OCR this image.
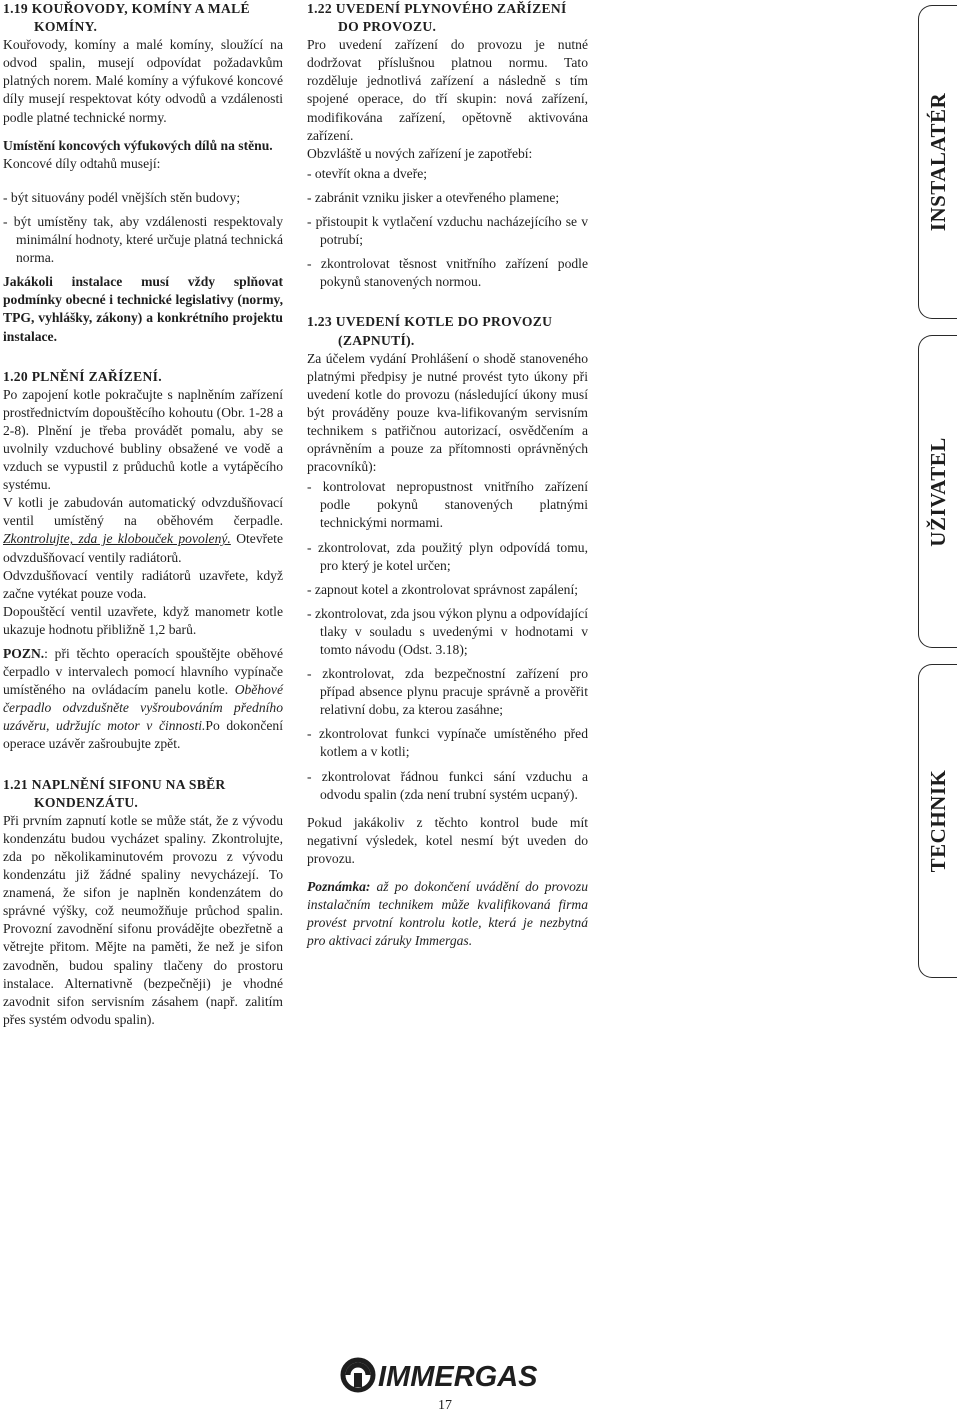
1.19 KOUŘOVODY, KOMÍNY A MALÉ
KOMÍNY.

Kouřovody, komíny a malé komíny, sloužící na odvod spalin, musejí odpovídat požadavkům platných norem. Malé komíny a výfukové koncové díly musejí respektovat kóty odvodů a vzdálenosti podle platné technické normy.

Umístění koncových výfukových dílů na stěnu.

Koncové díly odtahů musejí:

- být situovány podél vnějších stěn budovy;
- být umístěny tak, aby vzdálenosti respektovaly minimální hodnoty, které určuje platná technická norma.

Jakákoli instalace musí vždy splňovat podmínky obecné i technické legislativy (normy, TPG, vyhlášky, zákony) a konkrétního projektu instalace.

1.20 PLNĚNÍ ZAŘÍZENÍ.

Po zapojení kotle pokračujte s naplněním zařízení prostřednictvím dopouštěcího kohoutu (Obr. 1-28 a 2-8). Plnění je třeba provádět pomalu, aby se uvolnily vzduchové bubliny obsažené ve vodě a vzduch se vypustil z průduchů kotle a vytápěcího systému.

V kotli je zabudován automatický odvzdušňovací ventil umístěný na oběhovém čerpadle. Zkontrolujte, zda je klobouček povolený. Otevřete odvzdušňovací ventily radiátorů.

Odvzdušňovací ventily radiátorů uzavřete, když začne vytékat pouze voda.

Dopouštěcí ventil uzavřete, když manometr kotle ukazuje hodnotu přibližně 1,2 barů.

POZN.: při těchto operacích spouštějte oběhové čerpadlo v intervalech pomocí hlavního vypínače umístěného na ovládacím panelu kotle. Oběhové čerpadlo odvzdušněte vyšroubováním předního uzávěru, udržujíc motor v činnosti.Po dokončení operace uzávěr zašroubujte zpět.

1.21 NAPLNĚNÍ SIFONU NA SBĚR
KONDENZÁTU.

Při prvním zapnutí kotle se může stát, že z vývodu kondenzátu budou vycházet spaliny. Zkontrolujte, zda po několikaminutovém provozu z vývodu kondenzátu již žádné spaliny nevycházejí. To znamená, že sifon je naplněn kondenzátem do správné výšky, což neumožňuje průchod spalin. Provozní zavodnění sifonu provádějte obezřetně a větrejte přitom. Mějte na paměti, že než je sifon zavodněn, budou spaliny tlačeny do prostoru instalace. Alternativně (bezpečněji) je vhodné zavodnit sifon servisním zásahem (např. zalitím přes systém odvodu spalin).

1.22 UVEDENÍ PLYNOVÉHO ZAŘÍZENÍ
DO PROVOZU.

Pro uvedení zařízení do provozu je nutné dodržovat příslušnou platnou normu. Tato rozděluje jednotlivá zařízení a následně s tím spojené operace, do tří skupin: nová zařízení, modifikována zařízení, opětovně aktivována zařízení.

Obzvláště u nových zařízení je zapotřebí:

- otevřít okna a dveře;
- zabránit vzniku jisker a otevřeného plamene;
- přistoupit k vytlačení vzduchu nacházejícího se v potrubí;
- zkontrolovat těsnost vnitřního zařízení podle pokynů stanovených normou.
1.23 UVEDENÍ KOTLE DO PROVOZU
(ZAPNUTÍ).

Za účelem vydání Prohlášení o shodě stanoveného platnými předpisy je nutné provést tyto úkony při uvedení kotle do provozu (následující úkony musí být prováděny pouze kva-lifikovaným servisním technikem s patřičnou autorizací, osvědčením a oprávněním a pouze za přítomnosti oprávněných pracovníků):

- kontrolovat nepropustnost vnitřního zařízení podle pokynů stanovených platnými technickými normami.
- zkontrolovat, zda použitý plyn odpovídá tomu, pro který je kotel určen;
- zapnout kotel a zkontrolovat správnost zapálení;
- zkontrolovat, zda jsou výkon plynu a odpovídající tlaky v souladu s uvedenými v hodnotami v tomto návodu (Odst. 3.18);
- zkontrolovat, zda bezpečnostní zařízení pro případ absence plynu pracuje správně a prověřit relativní dobu, za kterou zasáhne;
- zkontrolovat funkci vypínače umístěného před kotlem a v kotli;
- zkontrolovat řádnou funkci sání vzduchu a odvodu spalin (zda není trubní systém ucpaný).

Pokud jakákoliv z těchto kontrol bude mít negativní výsledek, kotel nesmí být uveden do provozu.

Poznámka: až po dokončení uvádění do provozu instalačním technikem může kvalifikovaná firma provést prvotní kontrolu kotle, která je nezbytná pro aktivaci záruky Immergas.

INSTALATÉR
UŽIVATEL
TECHNIK
IMMERGAS
17
